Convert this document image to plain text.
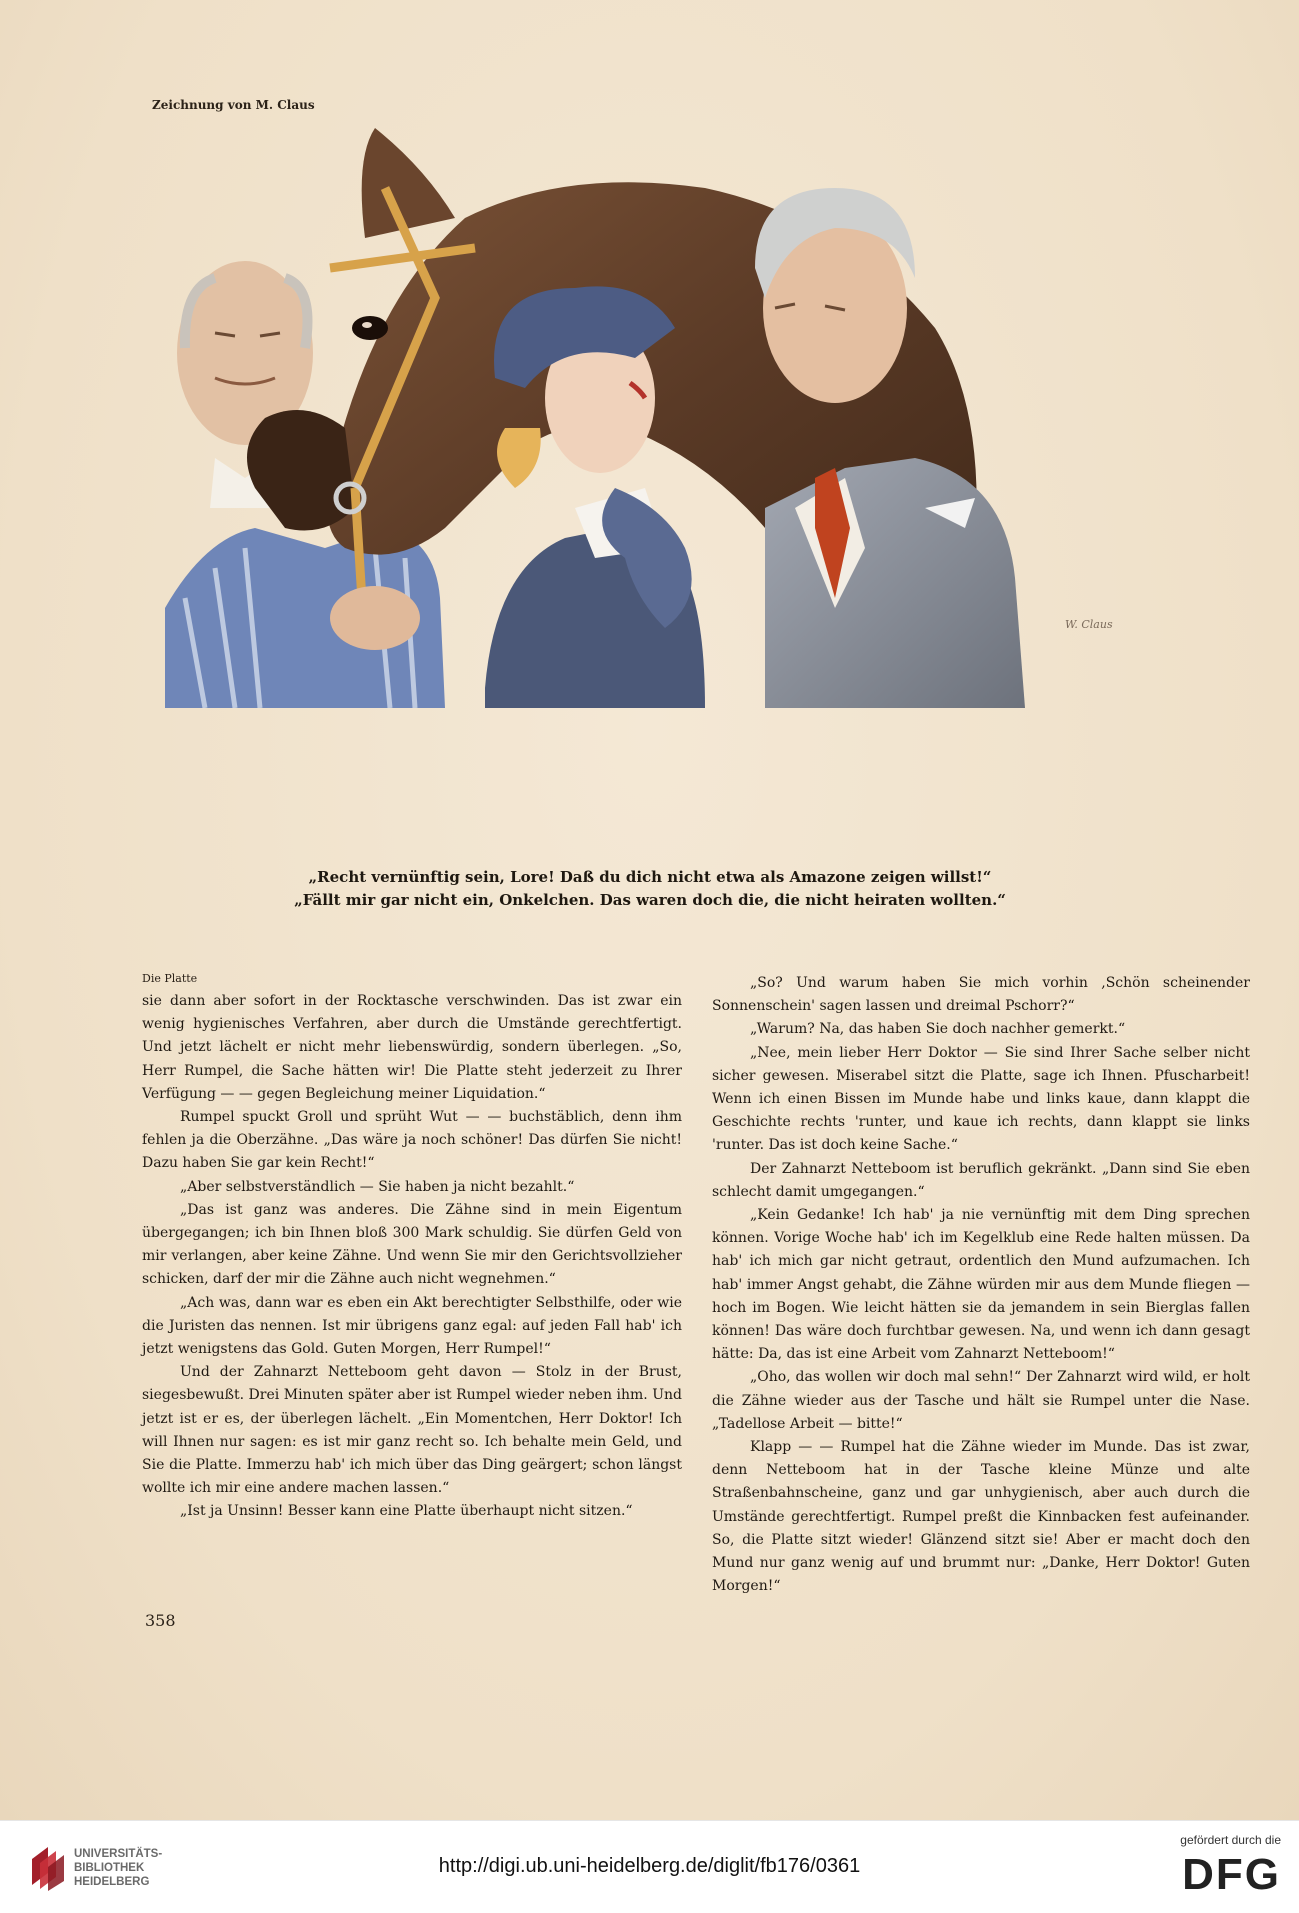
Zeichnung von M. Claus
W. Claus
„Recht vernünftig sein, Lore! Daß du dich nicht etwa als Amazone zeigen willst!“
„Fällt mir gar nicht ein, Onkelchen. Das waren doch die, die nicht heiraten wollten.“
Die Platte

sie dann aber sofort in der Rocktasche verschwinden. Das ist zwar ein wenig hygienisches Verfahren, aber durch die Umstände gerechtfertigt. Und jetzt lächelt er nicht mehr liebenswürdig, sondern überlegen. „So, Herr Rumpel, die Sache hätten wir! Die Platte steht jederzeit zu Ihrer Verfügung — — gegen Begleichung meiner Liquidation.“

Rumpel spuckt Groll und sprüht Wut — — buchstäblich, denn ihm fehlen ja die Oberzähne. „Das wäre ja noch schöner! Das dürfen Sie nicht! Dazu haben Sie gar kein Recht!“

„Aber selbstverständlich — Sie haben ja nicht bezahlt.“

„Das ist ganz was anderes. Die Zähne sind in mein Eigentum übergegangen; ich bin Ihnen bloß 300 Mark schuldig. Sie dürfen Geld von mir verlangen, aber keine Zähne. Und wenn Sie mir den Gerichtsvollzieher schicken, darf der mir die Zähne auch nicht wegnehmen.“

„Ach was, dann war es eben ein Akt berechtigter Selbsthilfe, oder wie die Juristen das nennen. Ist mir übrigens ganz egal: auf jeden Fall hab' ich jetzt wenigstens das Gold. Guten Morgen, Herr Rumpel!“

Und der Zahnarzt Netteboom geht davon — Stolz in der Brust, siegesbewußt. Drei Minuten später aber ist Rumpel wieder neben ihm. Und jetzt ist er es, der überlegen lächelt. „Ein Momentchen, Herr Doktor! Ich will Ihnen nur sagen: es ist mir ganz recht so. Ich behalte mein Geld, und Sie die Platte. Immerzu hab' ich mich über das Ding geärgert; schon längst wollte ich mir eine andere machen lassen.“

„Ist ja Unsinn! Besser kann eine Platte überhaupt nicht sitzen.“

„So? Und warum haben Sie mich vorhin ,Schön scheinender Sonnenschein' sagen lassen und dreimal Pschorr?“

„Warum? Na, das haben Sie doch nachher gemerkt.“

„Nee, mein lieber Herr Doktor — Sie sind Ihrer Sache selber nicht sicher gewesen. Miserabel sitzt die Platte, sage ich Ihnen. Pfuscharbeit! Wenn ich einen Bissen im Munde habe und links kaue, dann klappt die Geschichte rechts 'runter, und kaue ich rechts, dann klappt sie links 'runter. Das ist doch keine Sache.“

Der Zahnarzt Netteboom ist beruflich gekränkt. „Dann sind Sie eben schlecht damit umgegangen.“

„Kein Gedanke! Ich hab' ja nie vernünftig mit dem Ding sprechen können. Vorige Woche hab' ich im Kegelklub eine Rede halten müssen. Da hab' ich mich gar nicht getraut, ordentlich den Mund aufzumachen. Ich hab' immer Angst gehabt, die Zähne würden mir aus dem Munde fliegen — hoch im Bogen. Wie leicht hätten sie da jemandem in sein Bierglas fallen können! Das wäre doch furchtbar gewesen. Na, und wenn ich dann gesagt hätte: Da, das ist eine Arbeit vom Zahnarzt Netteboom!“

„Oho, das wollen wir doch mal sehn!“ Der Zahnarzt wird wild, er holt die Zähne wieder aus der Tasche und hält sie Rumpel unter die Nase. „Tadellose Arbeit — bitte!“

Klapp — — Rumpel hat die Zähne wieder im Munde. Das ist zwar, denn Netteboom hat in der Tasche kleine Münze und alte Straßenbahnscheine, ganz und gar unhygienisch, aber auch durch die Umstände gerechtfertigt. Rumpel preßt die Kinnbacken fest aufeinander. So, die Platte sitzt wieder! Glänzend sitzt sie! Aber er macht doch den Mund nur ganz wenig auf und brummt nur: „Danke, Herr Doktor! Guten Morgen!“

358
UNIVERSITÄTS-
BIBLIOTHEK
HEIDELBERG
http://digi.ub.uni-heidelberg.de/diglit/fb176/0361
gefördert durch die
DFG
